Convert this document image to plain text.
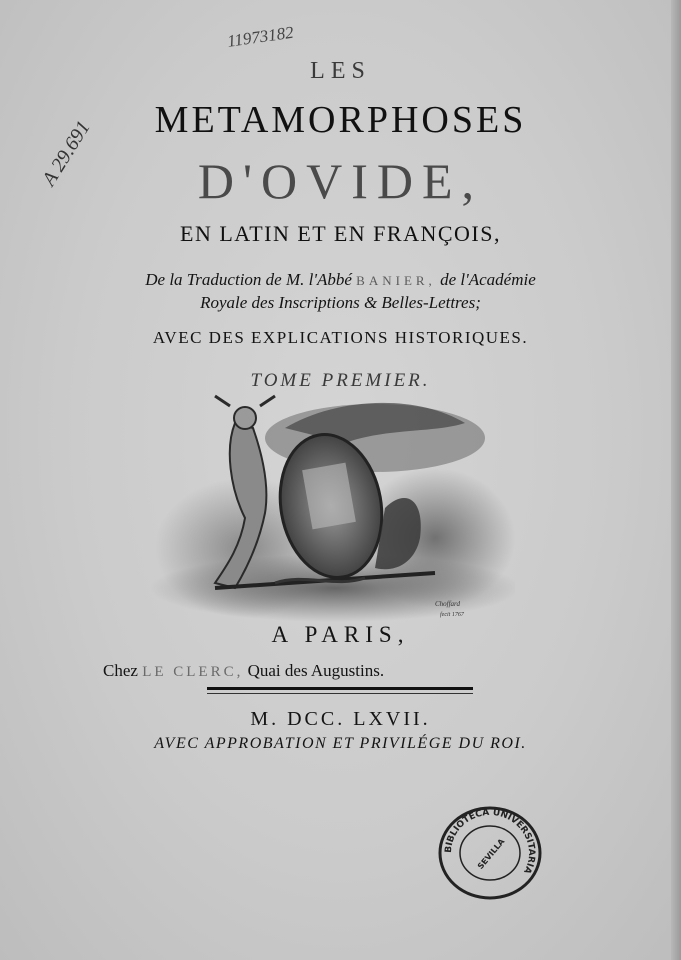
11973182
A 29.691
LES
METAMORPHOSES
D'OVIDE,
EN LATIN ET EN FRANÇOIS,
De la Traduction de M. l'Abbé BANIER, de l'Académie
Royale des Inscriptions & Belles-Lettres;
AVEC DES EXPLICATIONS HISTORIQUES.
TOME PREMIER.
Choffard
fecit 1767
A PARIS,
Chez LE CLERC, Quai des Augustins.
M. DCC. LXVII.
AVEC APPROBATION ET PRIVILÉGE DU ROI.
BIBLIOTECA UNIVERSITARIA
SEVILLA
